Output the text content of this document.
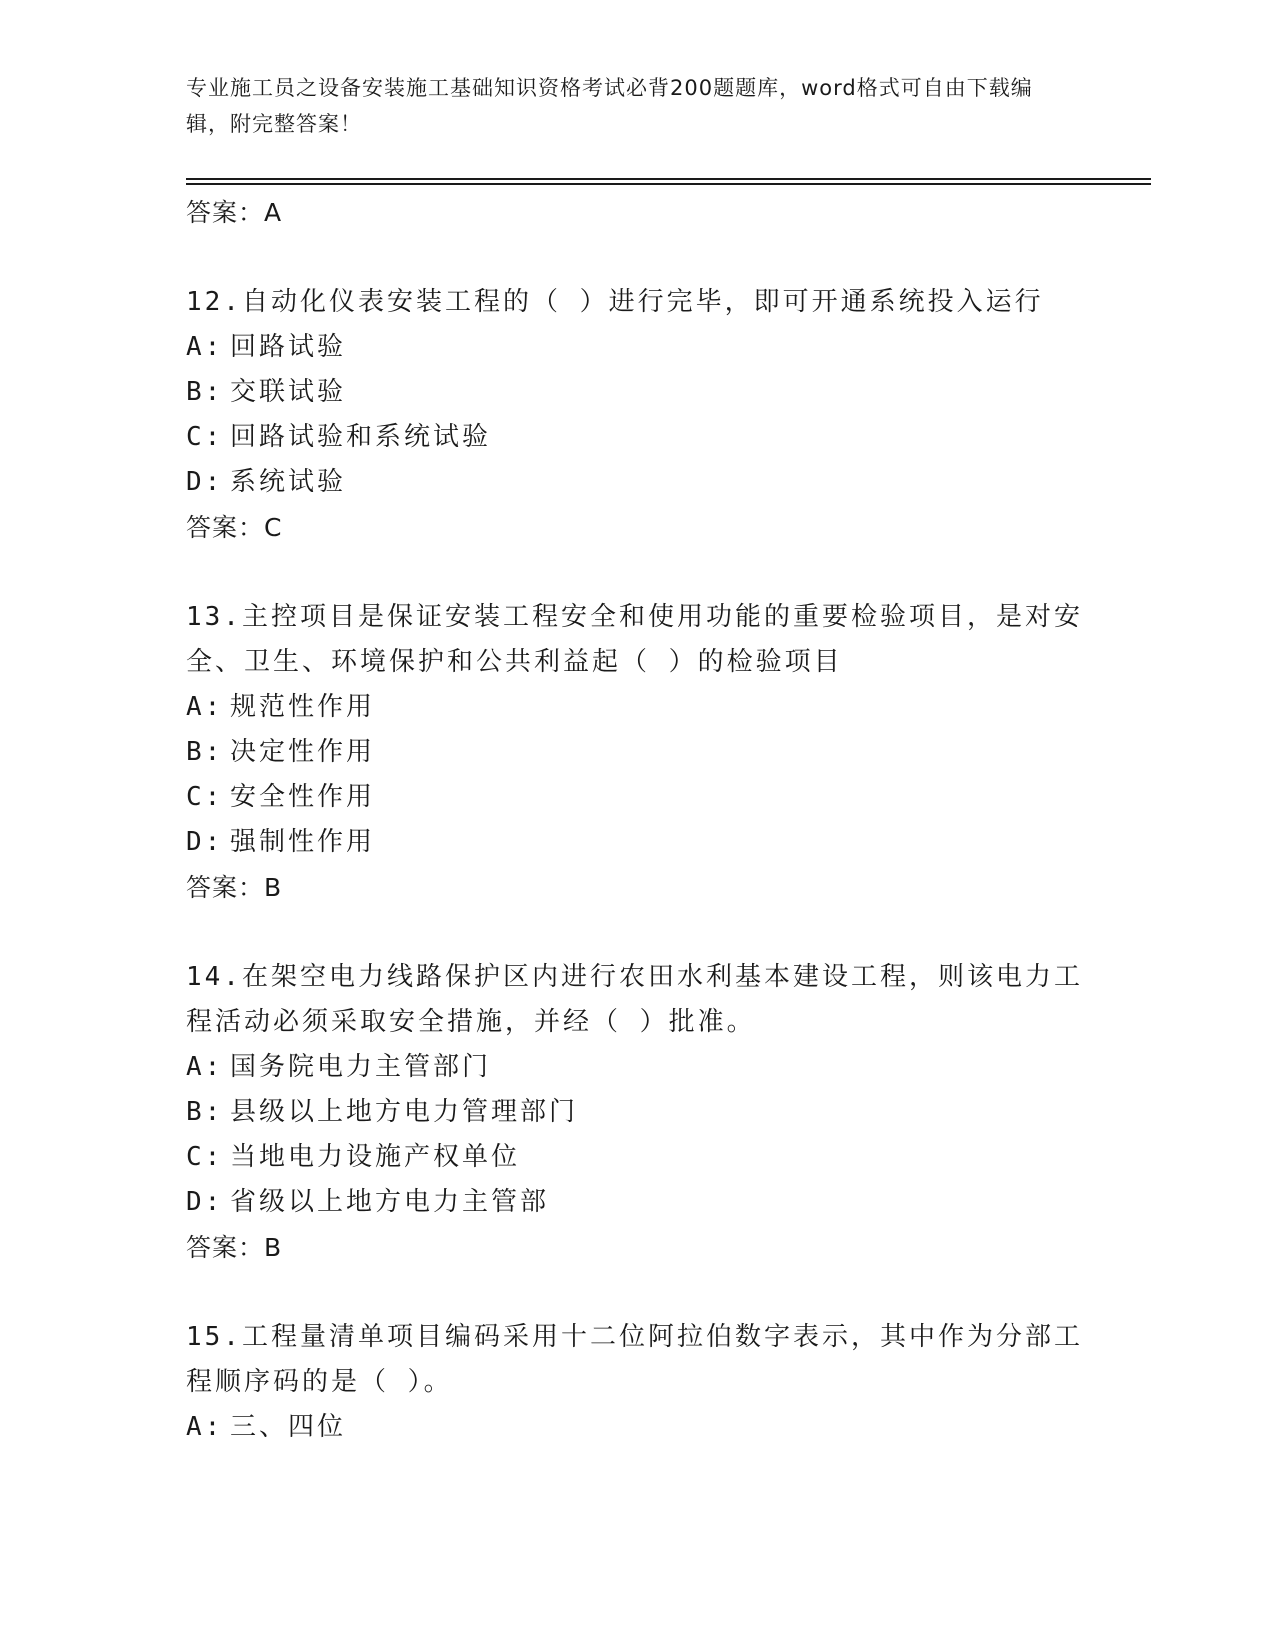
专业施工员之设备安装施工基础知识资格考试必背200题题库，word格式可自由下载编辑，附完整答案！

答案：A

12.自动化仪表安装工程的（ ）进行完毕，即可开通系统投入运行

A: 回路试验

B: 交联试验

C: 回路试验和系统试验

D: 系统试验

答案：C

13.主控项目是保证安装工程安全和使用功能的重要检验项目，是对安全、卫生、环境保护和公共利益起（ ）的检验项目

A: 规范性作用

B: 决定性作用

C: 安全性作用

D: 强制性作用

答案：B

14.在架空电力线路保护区内进行农田水利基本建设工程，则该电力工程活动必须采取安全措施，并经（ ）批准。

A: 国务院电力主管部门

B: 县级以上地方电力管理部门

C: 当地电力设施产权单位

D: 省级以上地方电力主管部

答案：B

15.工程量清单项目编码采用十二位阿拉伯数字表示，其中作为分部工程顺序码的是（ ）。

A: 三、四位
